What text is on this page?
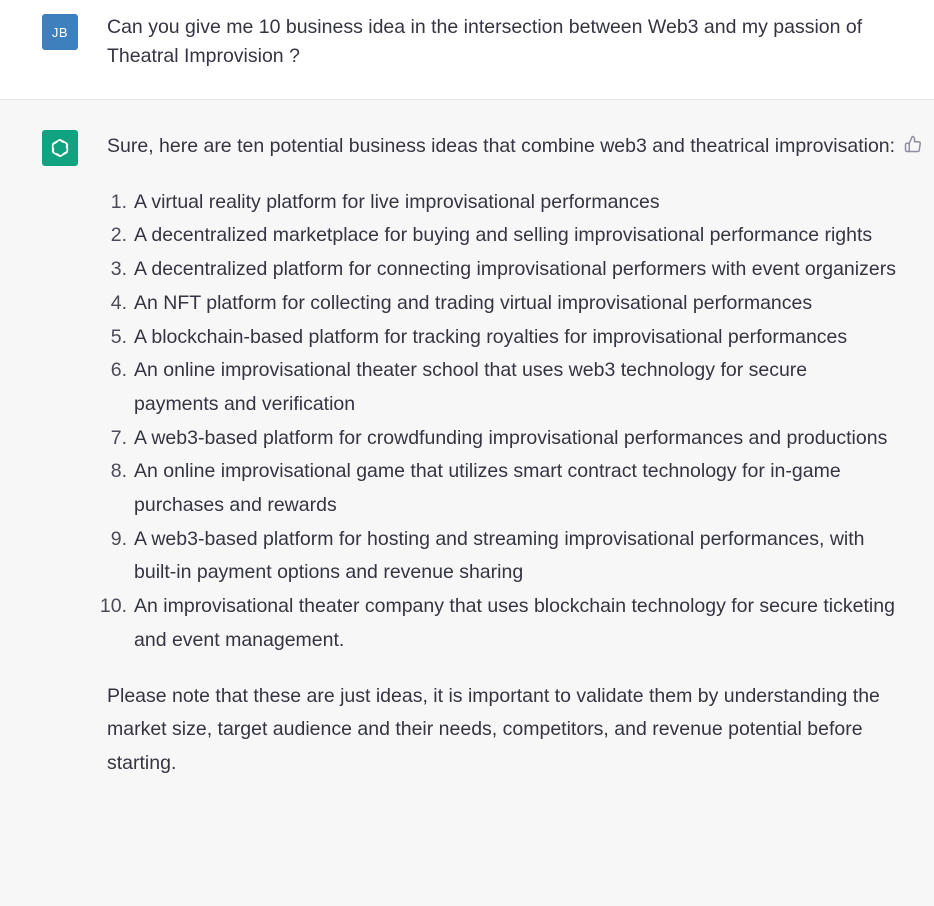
JB	Can you give me 10 business idea in the intersection between Web3 and my passion of Theatral Improvision ?

Sure, here are ten potential business ideas that combine web3 and theatrical improvisation:

1. A virtual reality platform for live improvisational performances
2. A decentralized marketplace for buying and selling improvisational performance rights
3. A decentralized platform for connecting improvisational performers with event organizers
4. An NFT platform for collecting and trading virtual improvisational performances
5. A blockchain-based platform for tracking royalties for improvisational performances
6. An online improvisational theater school that uses web3 technology for secure payments and verification
7. A web3-based platform for crowdfunding improvisational performances and productions
8. An online improvisational game that utilizes smart contract technology for in-game purchases and rewards
9. A web3-based platform for hosting and streaming improvisational performances, with built-in payment options and revenue sharing
10. An improvisational theater company that uses blockchain technology for secure ticketing and event management.

Please note that these are just ideas, it is important to validate them by understanding the market size, target audience and their needs, competitors, and revenue potential before starting.
